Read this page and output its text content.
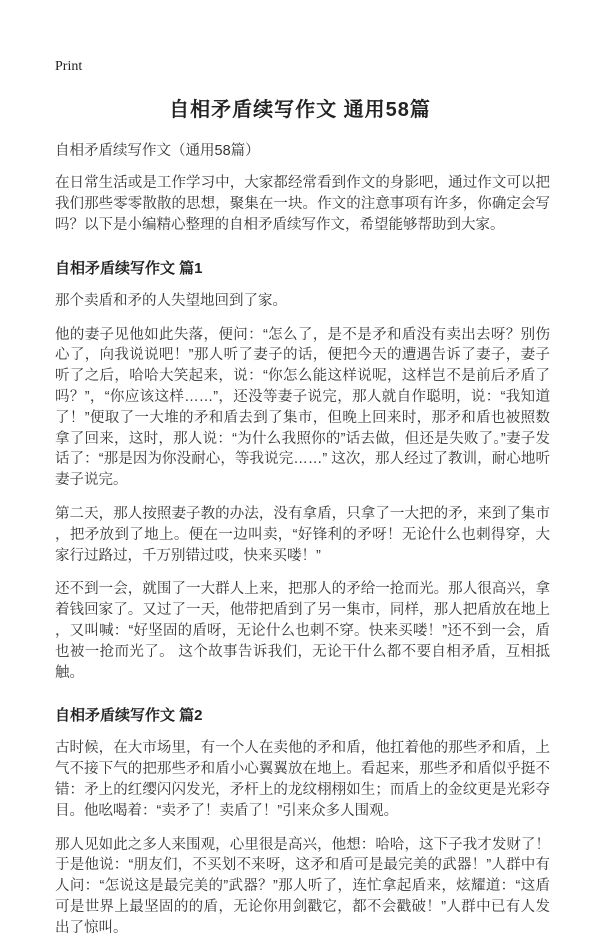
Print
自相矛盾续写作文 通用58篇
自相矛盾续写作文（通用58篇）

在日常生活或是工作学习中，大家都经常看到作文的身影吧，通过作文可以把我们那些零零散散的思想，聚集在一块。作文的注意事项有许多，你确定会写吗？以下是小编精心整理的自相矛盾续写作文，希望能够帮助到大家。

自相矛盾续写作文 篇1

那个卖盾和矛的人失望地回到了家。

他的妻子见他如此失落，便问：“怎么了，是不是矛和盾没有卖出去呀？别伤心了，向我说说吧！”那人听了妻子的话，便把今天的遭遇告诉了妻子，妻子听了之后，哈哈大笑起来，说：“你怎么能这样说呢，这样岂不是前后矛盾了吗？”，“你应该这样……”，还没等妻子说完，那人就自作聪明，说：“我知道了！”便取了一大堆的矛和盾去到了集市，但晚上回来时，那矛和盾也被照数拿了回来，这时，那人说：“为什么我照你的”话去做，但还是失败了。”妻子发话了：“那是因为你没耐心，等我说完……” 这次，那人经过了教训，耐心地听妻子说完。

第二天，那人按照妻子教的办法，没有拿盾，只拿了一大把的矛，来到了集市，把矛放到了地上。便在一边叫卖，“好锋利的矛呀！无论什么也刺得穿，大家行过路过，千万别错过哎，快来买喽！”

还不到一会，就围了一大群人上来，把那人的矛给一抢而光。那人很高兴，拿着钱回家了。又过了一天，他带把盾到了另一集市，同样，那人把盾放在地上，又叫喊：“好坚固的盾呀，无论什么也刺不穿。快来买喽！”还不到一会，盾也被一抢而光了。 这个故事告诉我们，无论干什么都不要自相矛盾，互相抵触。

自相矛盾续写作文 篇2

古时候，在大市场里，有一个人在卖他的矛和盾，他扛着他的那些矛和盾，上气不接下气的把那些矛和盾小心翼翼放在地上。看起来，那些矛和盾似乎挺不错：矛上的红缨闪闪发光，矛杆上的龙纹栩栩如生；而盾上的金纹更是光彩夺目。他吆喝着：“卖矛了！卖盾了！”引来众多人围观。

那人见如此之多人来围观，心里很是高兴，他想：哈哈，这下子我才发财了！于是他说：“朋友们，不买划不来呀，这矛和盾可是最完美的武器！”人群中有人问：“怎说这是最完美的”武器？”那人听了，连忙拿起盾来，炫耀道：“这盾可是世界上最坚固的的盾，无论你用剑戳它，都不会戳破！”人群中已有人发出了惊叫。
